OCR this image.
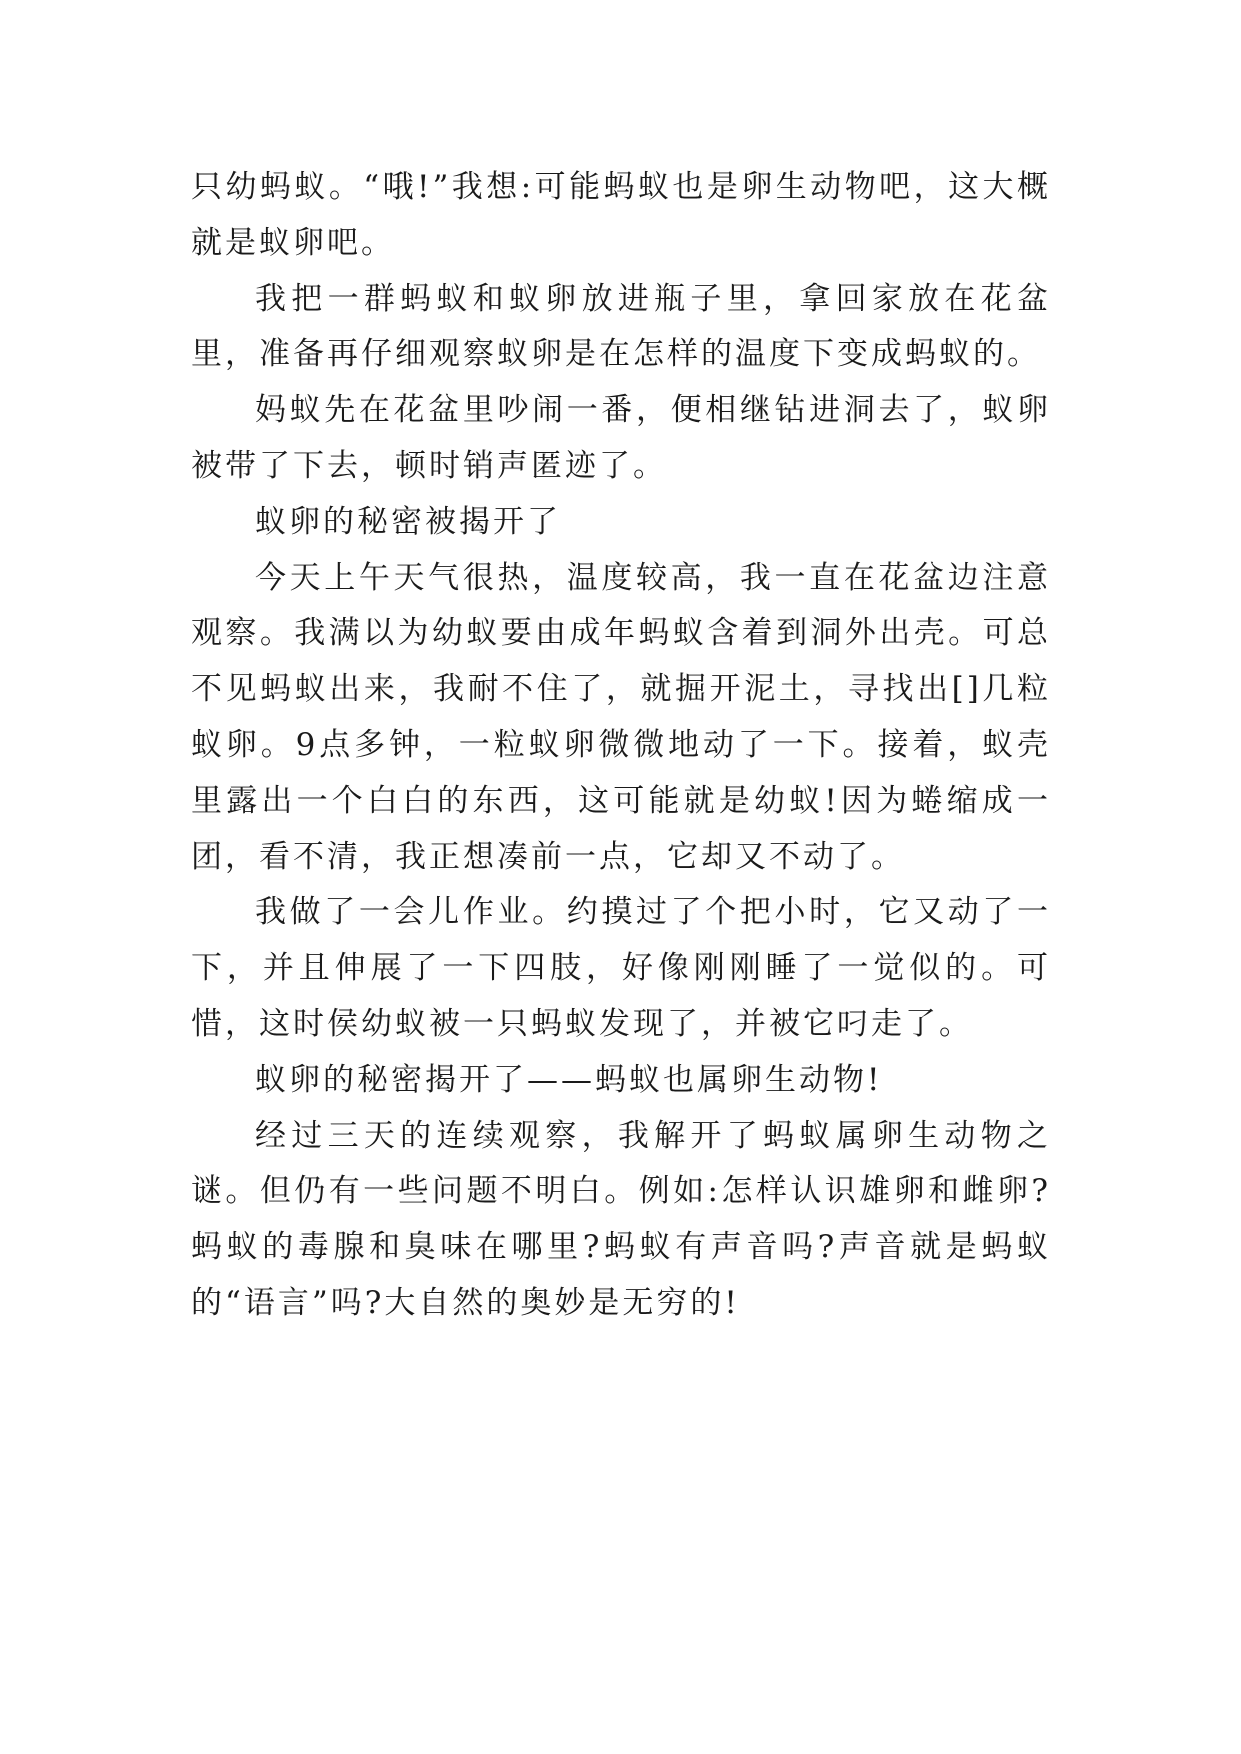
只幼蚂蚁。“哦!”我想:可能蚂蚁也是卵生动物吧，这大概就是蚁卵吧。

我把一群蚂蚁和蚁卵放进瓶子里，拿回家放在花盆里，准备再仔细观察蚁卵是在怎样的温度下变成蚂蚁的。

妈蚁先在花盆里吵闹一番，便相继钻进洞去了，蚁卵被带了下去，顿时销声匿迹了。

蚁卵的秘密被揭开了

今天上午天气很热，温度较高，我一直在花盆边注意观察。我满以为幼蚁要由成年蚂蚁含着到洞外出壳。可总不见蚂蚁出来，我耐不住了，就掘开泥土，寻找出[]几粒蚁卵。9点多钟，一粒蚁卵微微地动了一下。接着，蚁壳里露出一个白白的东西，这可能就是幼蚁!因为蜷缩成一团，看不清，我正想凑前一点，它却又不动了。

我做了一会儿作业。约摸过了个把小时，它又动了一下，并且伸展了一下四肢，好像刚刚睡了一觉似的。可惜，这时侯幼蚁被一只蚂蚁发现了，并被它叼走了。

蚁卵的秘密揭开了——蚂蚁也属卵生动物!

经过三天的连续观察，我解开了蚂蚁属卵生动物之谜。但仍有一些问题不明白。例如:怎样认识雄卵和雌卵?蚂蚁的毒腺和臭味在哪里?蚂蚁有声音吗?声音就是蚂蚁的“语言”吗?大自然的奥妙是无穷的!
